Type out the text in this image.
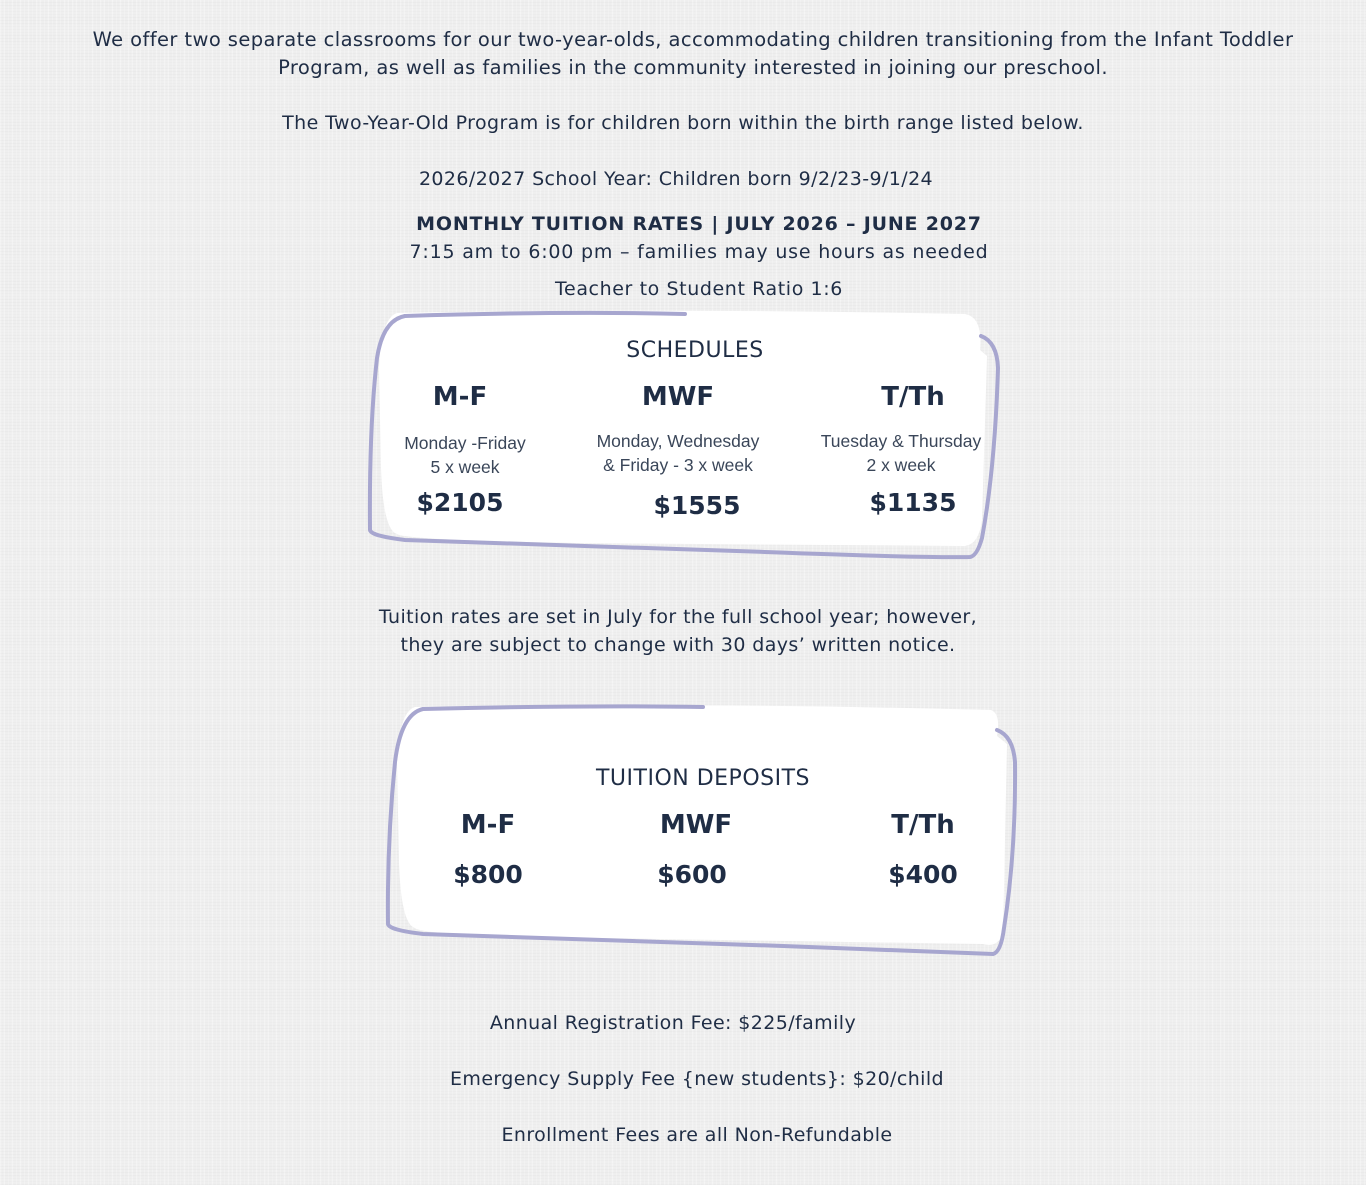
We offer two separate classrooms for our two-year-olds, accommodating children transitioning from the Infant Toddler Program, as well as families in the community interested in joining our preschool.
The Two-Year-Old Program is for children born within the birth range listed below.
2026/2027 School Year: Children born 9/2/23-9/1/24
MONTHLY TUITION RATES | JULY 2026 – JUNE 2027
7:15 am to 6:00 pm – families may use hours as needed
Teacher to Student Ratio 1:6
SCHEDULES
M-F
Monday -Friday
5 x week
$2105
MWF
Monday, Wednesday
& Friday - 3 x week
$1555
T/Th
Tuesday & Thursday
2 x week
$1135
Tuition rates are set in July for the full school year; however,
they are subject to change with 30 days’ written notice.
TUITION DEPOSITS
M-F
$800
MWF
$600
T/Th
$400
Annual Registration Fee: $225/family
Emergency Supply Fee {new students}: $20/child
Enrollment Fees are all Non-Refundable
